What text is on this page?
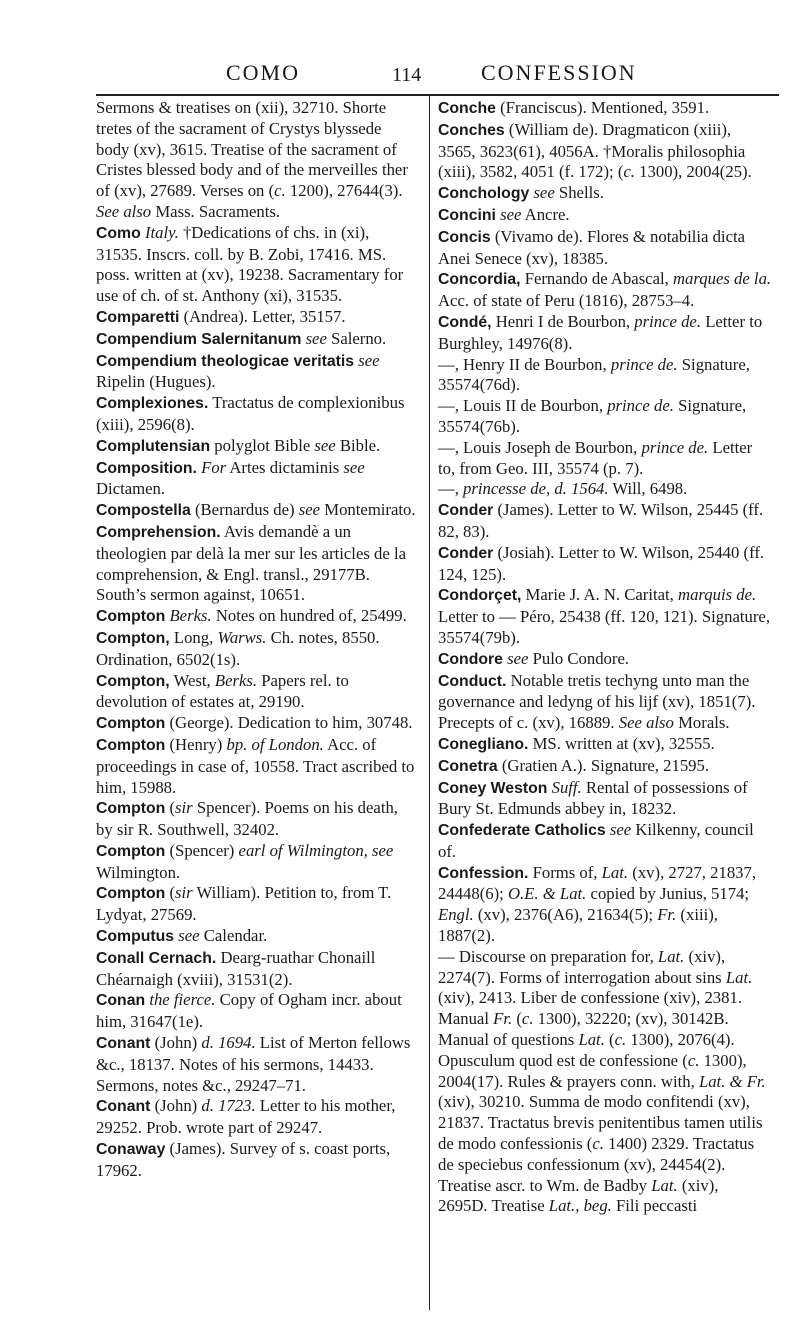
COMO	114	CONFESSION

Sermons & treatises on (xii), 32710. Shorte tretes of the sacrament of Crystys blyssede body (xv), 3615. Treatise of the sacrament of Cristes blessed body and of the merveilles ther of (xv), 27689. Verses on (c. 1200), 27644(3). See also Mass. Sacraments.

Como Italy. †Dedications of chs. in (xi), 31535. Inscrs. coll. by B. Zobi, 17416. MS. poss. written at (xv), 19238. Sacramentary for use of ch. of st. Anthony (xi), 31535.

Comparetti (Andrea). Letter, 35157.

Compendium Salernitanum see Salerno.

Compendium theologicae veritatis see Ripelin (Hugues).

Complexiones. Tractatus de complexionibus (xiii), 2596(8).

Complutensian polyglot Bible see Bible.

Composition. For Artes dictaminis see Dictamen.

Compostella (Bernardus de) see Montemirato.

Comprehension. Avis demandè a un theologien par delà la mer sur les articles de la comprehension, & Engl. transl., 29177B. South’s sermon against, 10651.

Compton Berks. Notes on hundred of, 25499.

Compton, Long, Warws. Ch. notes, 8550. Ordination, 6502(1s).

Compton, West, Berks. Papers rel. to devolution of estates at, 29190.

Compton (George). Dedication to him, 30748.

Compton (Henry) bp. of London. Acc. of proceedings in case of, 10558. Tract ascribed to him, 15988.

Compton (sir Spencer). Poems on his death, by sir R. Southwell, 32402.

Compton (Spencer) earl of Wilmington, see Wilmington.

Compton (sir William). Petition to, from T. Lydyat, 27569.

Computus see Calendar.

Conall Cernach. Dearg-ruathar Chonaill Chéarnaigh (xviii), 31531(2).

Conan the fierce. Copy of Ogham incr. about him, 31647(1e).

Conant (John) d. 1694. List of Merton fellows &c., 18137. Notes of his sermons, 14433. Sermons, notes &c., 29247–71.

Conant (John) d. 1723. Letter to his mother, 29252. Prob. wrote part of 29247.

Conaway (James). Survey of s. coast ports, 17962.

Conche (Franciscus). Mentioned, 3591.

Conches (William de). Dragmaticon (xiii), 3565, 3623(61), 4056A. †Moralis philosophia (xiii), 3582, 4051 (f. 172); (c. 1300), 2004(25).

Conchology see Shells.

Concini see Ancre.

Concis (Vivamo de). Flores & notabilia dicta Anei Senece (xv), 18385.

Concordia, Fernando de Abascal, marques de la. Acc. of state of Peru (1816), 28753–4.

Condé, Henri I de Bourbon, prince de. Letter to Burghley, 14976(8).

—, Henry II de Bourbon, prince de. Signature, 35574(76d).

—, Louis II de Bourbon, prince de. Signature, 35574(76b).

—, Louis Joseph de Bourbon, prince de. Letter to, from Geo. III, 35574 (p. 7).

—, princesse de, d. 1564. Will, 6498.

Conder (James). Letter to W. Wilson, 25445 (ff. 82, 83).

Conder (Josiah). Letter to W. Wilson, 25440 (ff. 124, 125).

Condorçet, Marie J. A. N. Caritat, marquis de. Letter to — Péro, 25438 (ff. 120, 121). Signature, 35574(79b).

Condore see Pulo Condore.

Conduct. Notable tretis techyng unto man the governance and ledyng of his lijf (xv), 1851(7). Precepts of c. (xv), 16889. See also Morals.

Conegliano. MS. written at (xv), 32555.

Conetra (Gratien A.). Signature, 21595.

Coney Weston Suff. Rental of possessions of Bury St. Edmunds abbey in, 18232.

Confederate Catholics see Kilkenny, council of.

Confession. Forms of, Lat. (xv), 2727, 21837, 24448(6); O.E. & Lat. copied by Junius, 5174; Engl. (xv), 2376(A6), 21634(5); Fr. (xiii), 1887(2).

— Discourse on preparation for, Lat. (xiv), 2274(7). Forms of interrogation about sins Lat. (xiv), 2413. Liber de confessione (xiv), 2381. Manual Fr. (c. 1300), 32220; (xv), 30142B. Manual of questions Lat. (c. 1300), 2076(4). Opusculum quod est de confessione (c. 1300), 2004(17). Rules & prayers conn. with, Lat. & Fr. (xiv), 30210. Summa de modo confitendi (xv), 21837. Tractatus brevis penitentibus tamen utilis de modo confessionis (c. 1400) 2329. Tractatus de speciebus confessionum (xv), 24454(2). Treatise ascr. to Wm. de Badby Lat. (xiv), 2695D. Treatise Lat., beg. Fili peccasti
